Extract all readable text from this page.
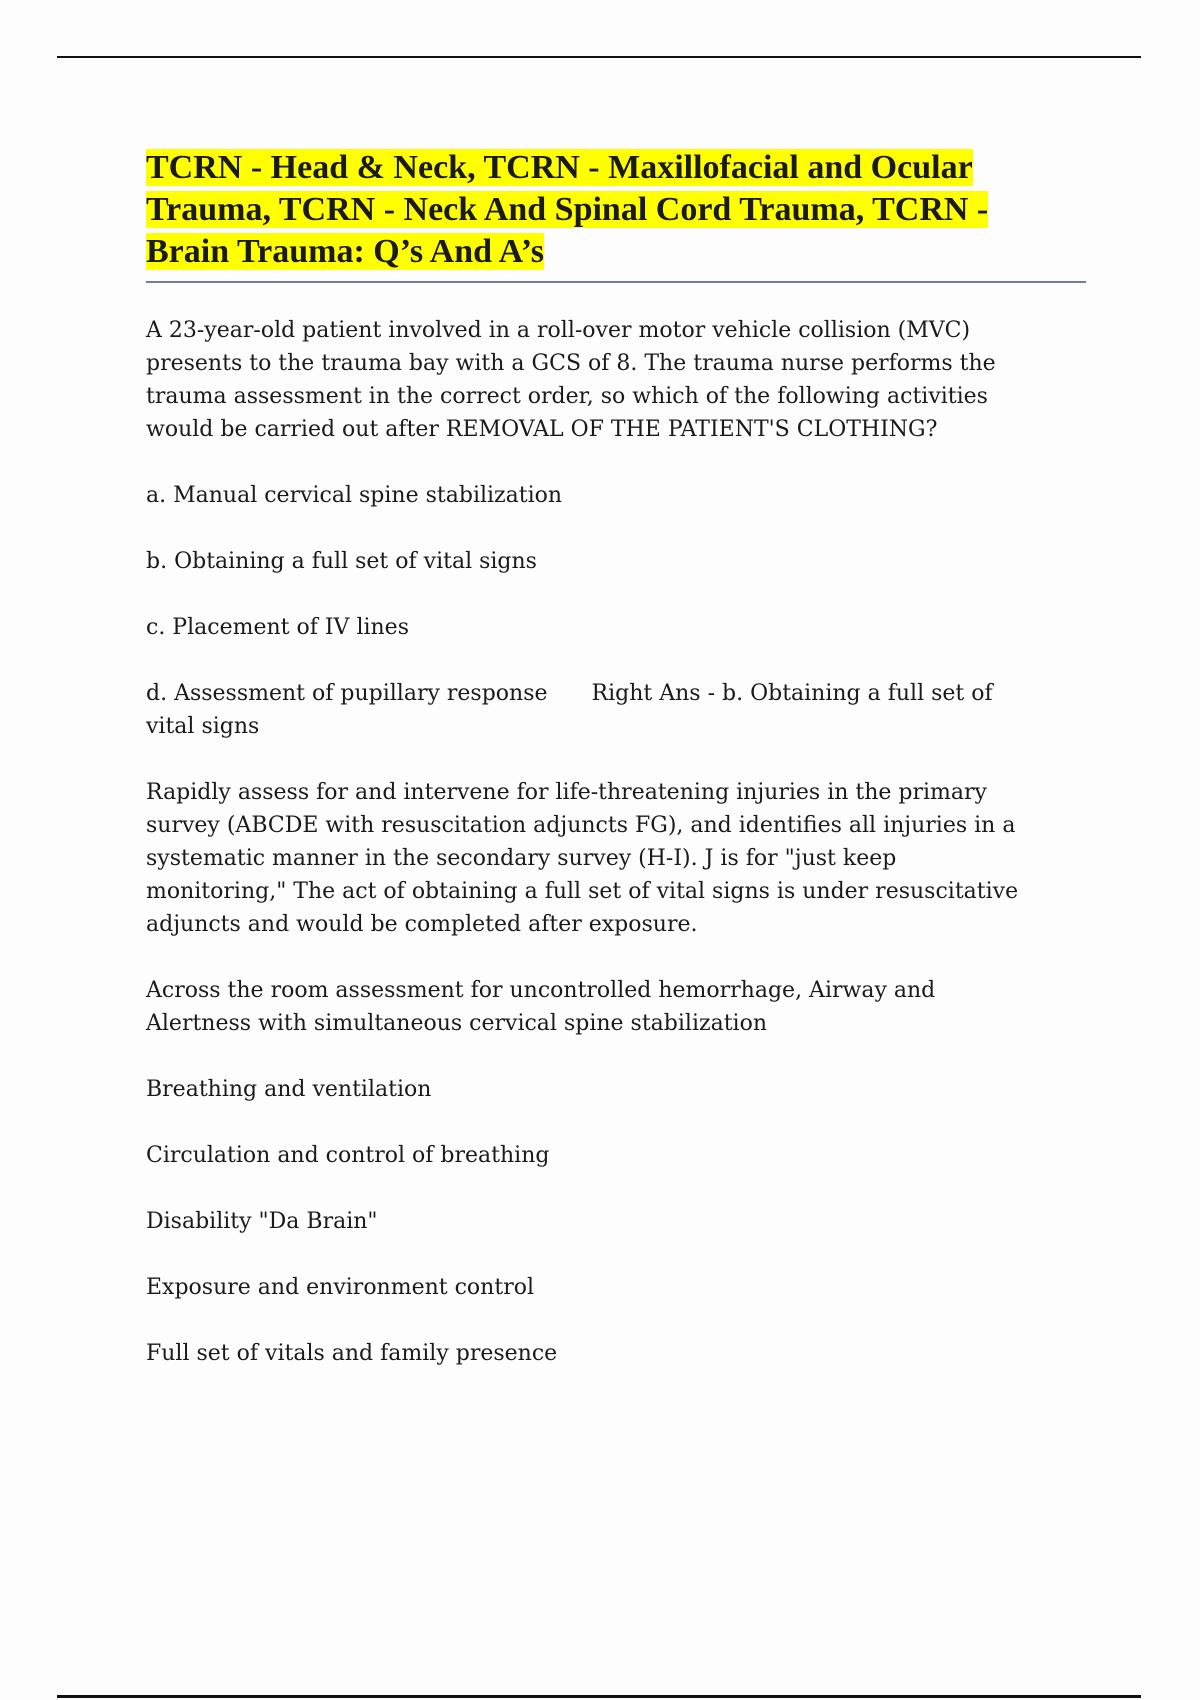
TCRN - Head & Neck, TCRN - Maxillofacial and Ocular
Trauma, TCRN - Neck And Spinal Cord Trauma, TCRN -
Brain Trauma: Q’s And A’s

A 23-year-old patient involved in a roll-over motor vehicle collision (MVC)
presents to the trauma bay with a GCS of 8. The trauma nurse performs the
trauma assessment in the correct order, so which of the following activities
would be carried out after REMOVAL OF THE PATIENT'S CLOTHING?

a. Manual cervical spine stabilization

b. Obtaining a full set of vital signs

c. Placement of IV lines

d. Assessment of pupillary response Right Ans - b. Obtaining a full set of
vital signs

Rapidly assess for and intervene for life-threatening injuries in the primary
survey (ABCDE with resuscitation adjuncts FG), and identifies all injuries in a
systematic manner in the secondary survey (H-I). J is for "just keep
monitoring," The act of obtaining a full set of vital signs is under resuscitative
adjuncts and would be completed after exposure.

Across the room assessment for uncontrolled hemorrhage, Airway and
Alertness with simultaneous cervical spine stabilization

Breathing and ventilation

Circulation and control of breathing

Disability "Da Brain"

Exposure and environment control

Full set of vitals and family presence
